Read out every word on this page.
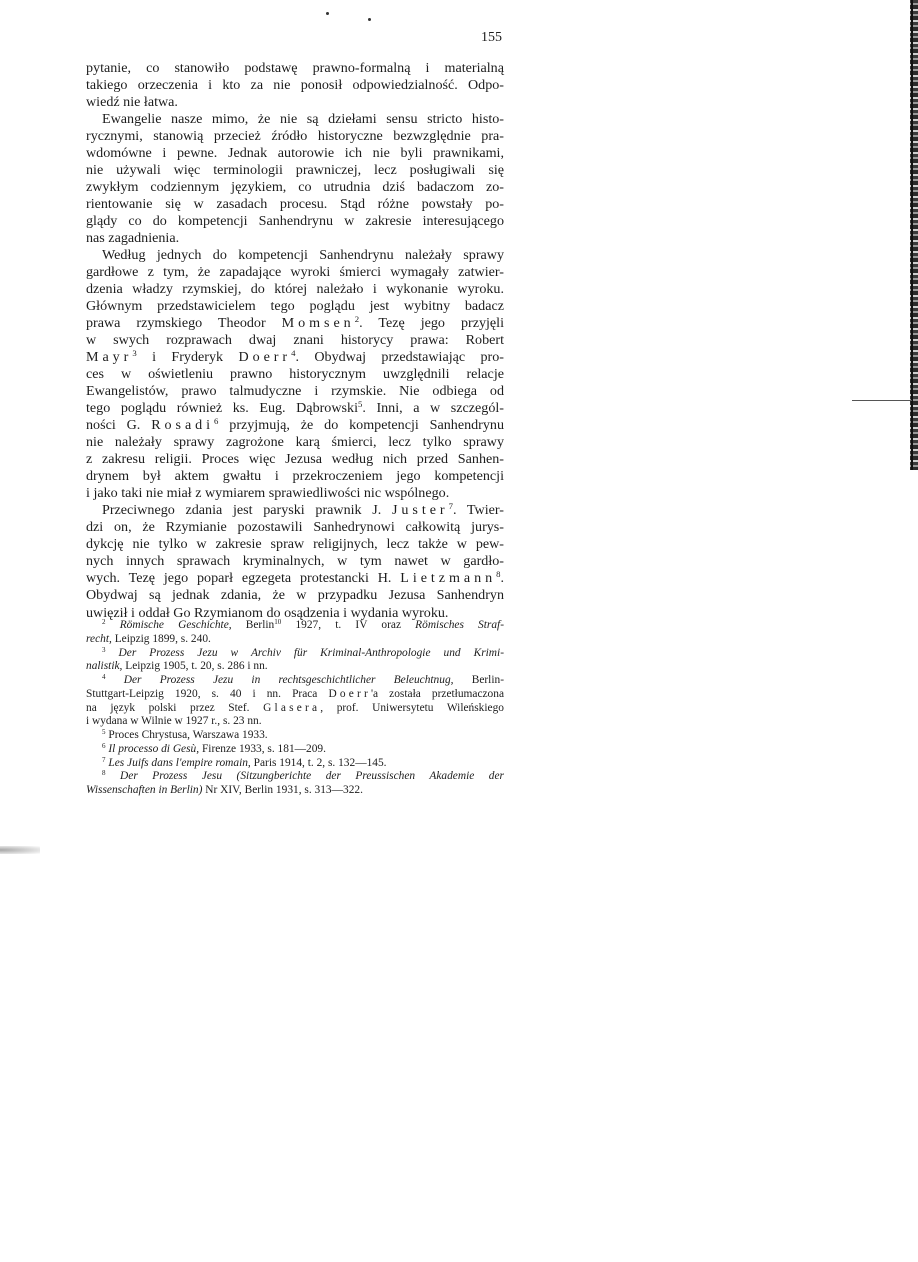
155

pytanie, co stanowiło podstawę prawno-formalną i materialną
takiego orzeczenia i kto za nie ponosił odpowiedzialność. Odpo-
wiedź nie łatwa.

Ewangelie nasze mimo, że nie są dziełami sensu stricto histo-
rycznymi, stanowią przecież źródło historyczne bezwzględnie pra-
wdomówne i pewne. Jednak autorowie ich nie byli prawnikami,
nie używali więc terminologii prawniczej, lecz posługiwali się
zwykłym codziennym językiem, co utrudnia dziś badaczom zo-
rientowanie się w zasadach procesu. Stąd różne powstały po-
glądy co do kompetencji Sanhendrynu w zakresie interesującego
nas zagadnienia.

Według jednych do kompetencji Sanhendrynu należały sprawy
gardłowe z tym, że zapadające wyroki śmierci wymagały zatwier-
dzenia władzy rzymskiej, do której należało i wykonanie wyroku.
Głównym przedstawicielem tego poglądu jest wybitny badacz
prawa rzymskiego Theodor Momsen$^2$. Tezę jego przyjęli
w swych rozprawach dwaj znani historycy prawa: Robert
Mayr$^3$ i Fryderyk Doerr$^4$. Obydwaj przedstawiając pro-
ces w oświetleniu prawno historycznym uwzględnili relacje
Ewangelistów, prawo talmudyczne i rzymskie. Nie odbiega od
tego poglądu również ks. Eug. Dąbrowski$^5$. Inni, a w szczegól-
ności G. Rosadi$^6$ przyjmują, że do kompetencji Sanhendrynu
nie należały sprawy zagrożone karą śmierci, lecz tylko sprawy
z zakresu religii. Proces więc Jezusa według nich przed Sanhen-
drynem był aktem gwałtu i przekroczeniem jego kompetencji
i jako taki nie miał z wymiarem sprawiedliwości nic wspólnego.

Przeciwnego zdania jest paryski prawnik J. Juster$^7$. Twier-
dzi on, że Rzymianie pozostawili Sanhedrynowi całkowitą jurys-
dykcję nie tylko w zakresie spraw religijnych, lecz także w pew-
nych innych sprawach kryminalnych, w tym nawet w gardło-
wych. Tezę jego poparł egzegeta protestancki H. Lietzmann$^8$.
Obydwaj są jednak zdania, że w przypadku Jezusa Sanhendryn
uwięził i oddał Go Rzymianom do osądzenia i wydania wyroku.

$^2$ Römische Geschichte, Berlin$^{10}$ 1927, t. IV oraz Römisches Straf-
recht, Leipzig 1899, s. 240.
$^3$ Der Prozess Jezu w Archiv für Kriminal-Anthropologie und Krimi-
nalistik, Leipzig 1905, t. 20, s. 286 i nn.
$^4$ Der Prozess Jezu in rechtsgeschichtlicher Beleuchtnug, Berlin-
Stuttgart-Leipzig 1920, s. 40 i nn. Praca Doerr'a została przetłumaczona
na język polski przez Stef. Glasera, prof. Uniwersytetu Wileńskiego
i wydana w Wilnie w 1927 r., s. 23 nn.
$^5$ Proces Chrystusa, Warszawa 1933.
$^6$ Il processo di Gesù, Firenze 1933, s. 181—209.
$^7$ Les Juifs dans l'empire romain, Paris 1914, t. 2, s. 132—145.
$^8$ Der Prozess Jesu (Sitzungberichte der Preussischen Akademie der
Wissenschaften in Berlin) Nr XIV, Berlin 1931, s. 313—322.
